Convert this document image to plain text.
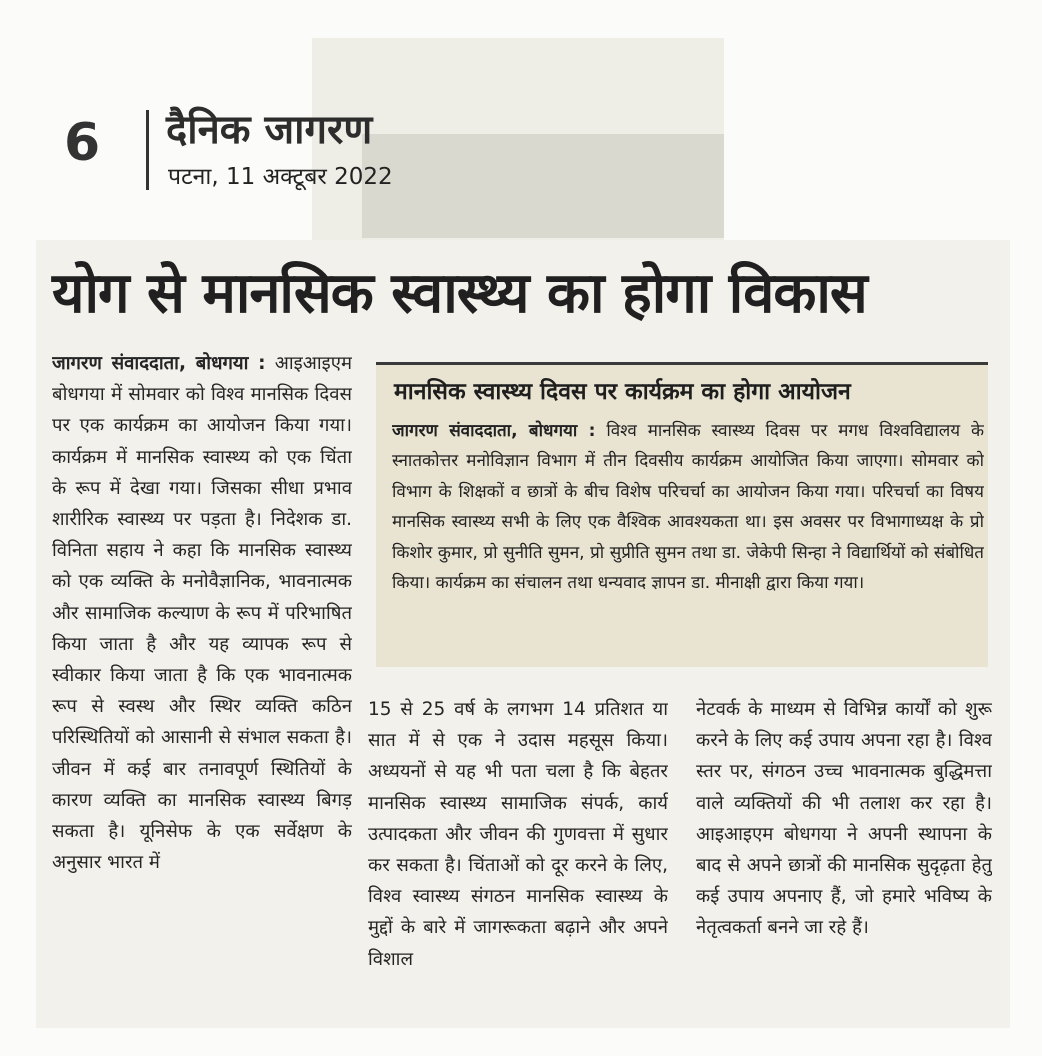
6 दैनिक जागरण
पटना, 11 अक्टूबर 2022
योग से मानसिक स्वास्थ्य का होगा विकास
जागरण संवाददाता, बोधगया : आइआइएम बोधगया में सोमवार को विश्व मानसिक दिवस पर एक कार्यक्रम का आयोजन किया गया। कार्यक्रम में मानसिक स्वास्थ्य को एक चिंता के रूप में देखा गया। जिसका सीधा प्रभाव शारीरिक स्वास्थ्य पर पड़ता है। निदेशक डा. विनिता सहाय ने कहा कि मानसिक स्वास्थ्य को एक व्यक्ति के मनोवैज्ञानिक, भावनात्मक और सामाजिक कल्याण के रूप में परिभाषित किया जाता है और यह व्यापक रूप से स्वीकार किया जाता है कि एक भावनात्मक रूप से स्वस्थ और स्थिर व्यक्ति कठिन परिस्थितियों को आसानी से संभाल सकता है। जीवन में कई बार तनावपूर्ण स्थितियों के कारण व्यक्ति का मानसिक स्वास्थ्य बिगड़ सकता है। यूनिसेफ के एक सर्वेक्षण के अनुसार भारत में
मानसिक स्वास्थ्य दिवस पर कार्यक्रम का होगा आयोजन
जागरण संवाददाता, बोधगया : विश्व मानसिक स्वास्थ्य दिवस पर मगध विश्वविद्यालय के स्नातकोत्तर मनोविज्ञान विभाग में तीन दिवसीय कार्यक्रम आयोजित किया जाएगा। सोमवार को विभाग के शिक्षकों व छात्रों के बीच विशेष परिचर्चा का आयोजन किया गया। परिचर्चा का विषय मानसिक स्वास्थ्य सभी के लिए एक वैश्विक आवश्यकता था। इस अवसर पर विभागाध्यक्ष के प्रो किशोर कुमार, प्रो सुनीति सुमन, प्रो सुप्रीति सुमन तथा डा. जेकेपी सिन्हा ने विद्यार्थियों को संबोधित किया। कार्यक्रम का संचालन तथा धन्यवाद ज्ञापन डा. मीनाक्षी द्वारा किया गया।
15 से 25 वर्ष के लगभग 14 प्रतिशत या सात में से एक ने उदास महसूस किया। अध्ययनों से यह भी पता चला है कि बेहतर मानसिक स्वास्थ्य सामाजिक संपर्क, कार्य उत्पादकता और जीवन की गुणवत्ता में सुधार कर सकता है। चिंताओं को दूर करने के लिए, विश्व स्वास्थ्य संगठन मानसिक स्वास्थ्य के मुद्दों के बारे में जागरूकता बढ़ाने और अपने विशाल
नेटवर्क के माध्यम से विभिन्न कार्यों को शुरू करने के लिए कई उपाय अपना रहा है। विश्व स्तर पर, संगठन उच्च भावनात्मक बुद्धिमत्ता वाले व्यक्तियों की भी तलाश कर रहा है। आइआइएम बोधगया ने अपनी स्थापना के बाद से अपने छात्रों की मानसिक सुदृढ़ता हेतु कई उपाय अपनाए हैं, जो हमारे भविष्य के नेतृत्वकर्ता बनने जा रहे हैं।
